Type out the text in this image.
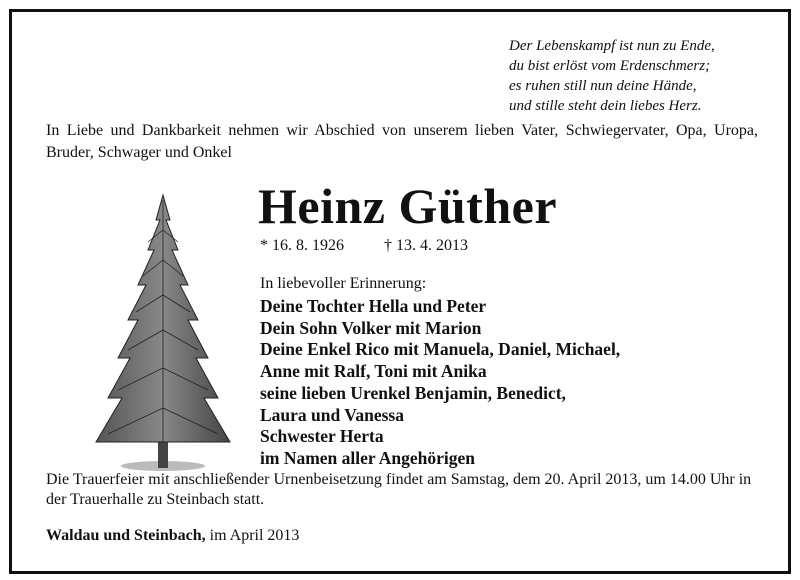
Der Lebenskampf ist nun zu Ende,
du bist erlöst vom Erdenschmerz;
es ruhen still nun deine Hände,
und stille steht dein liebes Herz.
In Liebe und Dankbarkeit nehmen wir Abschied von unserem lieben Vater, Schwiegervater, Opa, Uropa, Bruder, Schwager und Onkel
Heinz Güther
* 16. 8. 1926	† 13. 4. 2013
In liebevoller Erinnerung:
Deine Tochter Hella und Peter
Dein Sohn Volker mit Marion
Deine Enkel Rico mit Manuela, Daniel, Michael,
Anne mit Ralf, Toni mit Anika
seine lieben Urenkel Benjamin, Benedict,
Laura und Vanessa
Schwester Herta
im Namen aller Angehörigen
Die Trauerfeier mit anschließender Urnenbeisetzung findet am Samstag, dem 20. April 2013, um 14.00 Uhr in der Trauerhalle zu Steinbach statt.
Waldau und Steinbach, im April 2013
